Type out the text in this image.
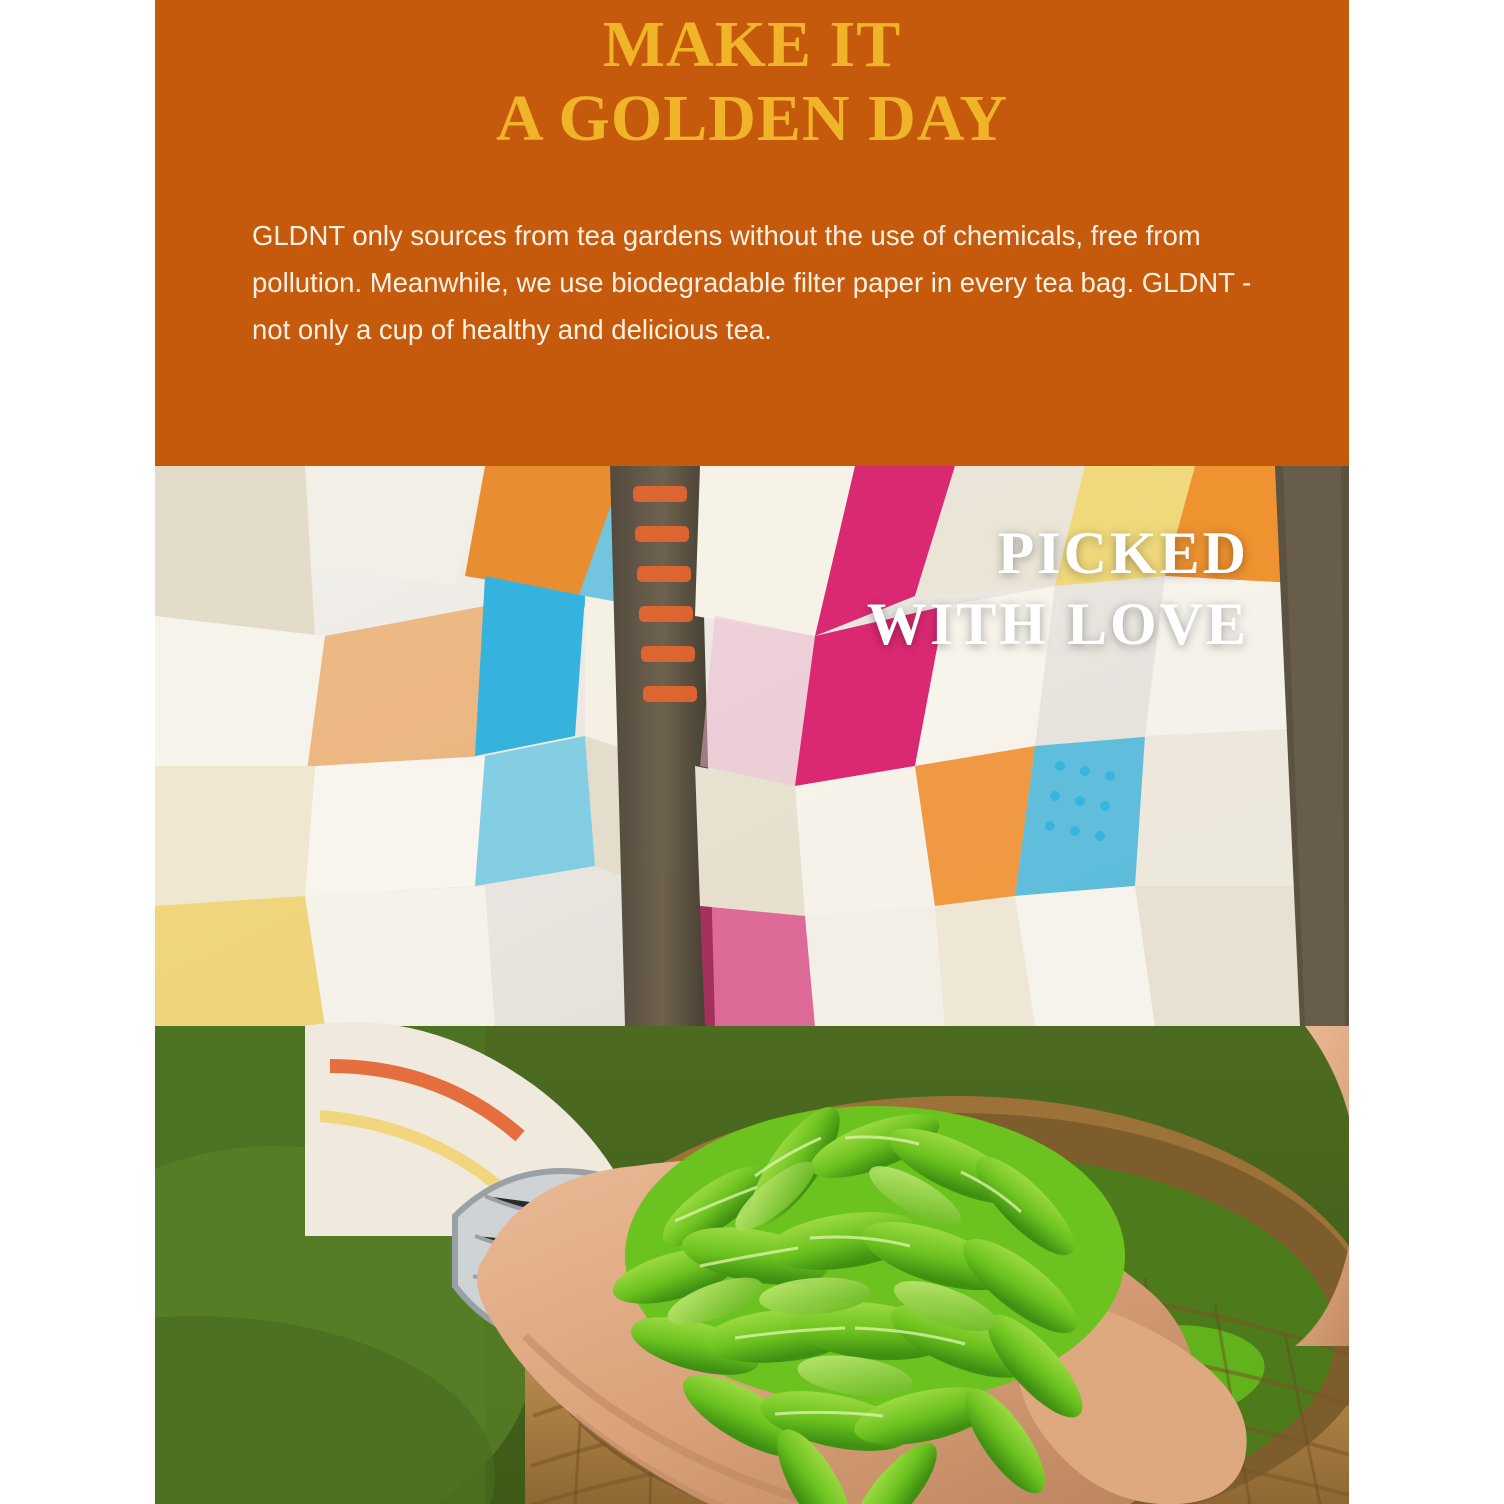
MAKE IT
A GOLDEN DAY

GLDNT only sources from tea gardens without the use of chemicals, free from pollution. Meanwhile, we use biodegradable filter paper in every tea bag. GLDNT - not only a cup of healthy and delicious tea.

PICKED
WITH LOVE
